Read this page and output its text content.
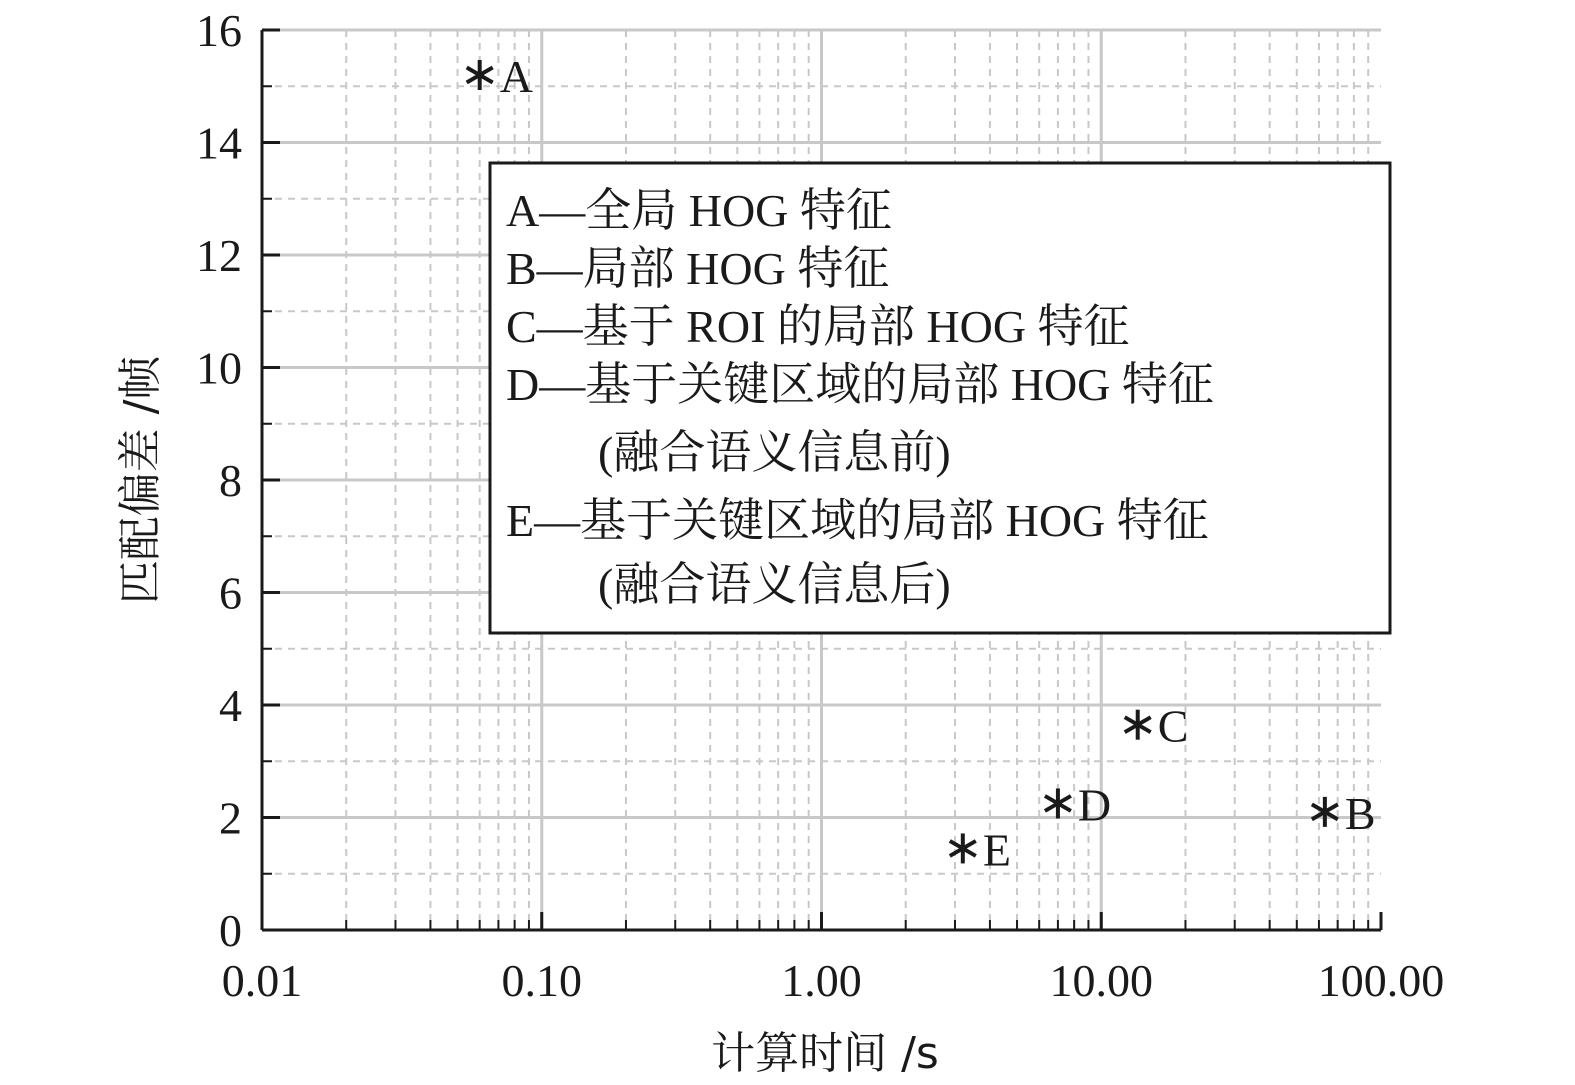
0.01	0.10	1.00	10.00	100.00
0
2
4
6
8
10
12
14
16
A
B
C
D
E
计算时间 /s
匹配偏差 /帧
A—全局 HOG 特征
B—局部 HOG 特征
C—基于 ROI 的局部 HOG 特征
D—基于关键区域的局部 HOG 特征
(融合语义信息前)
E—基于关键区域的局部 HOG 特征
(融合语义信息后)
